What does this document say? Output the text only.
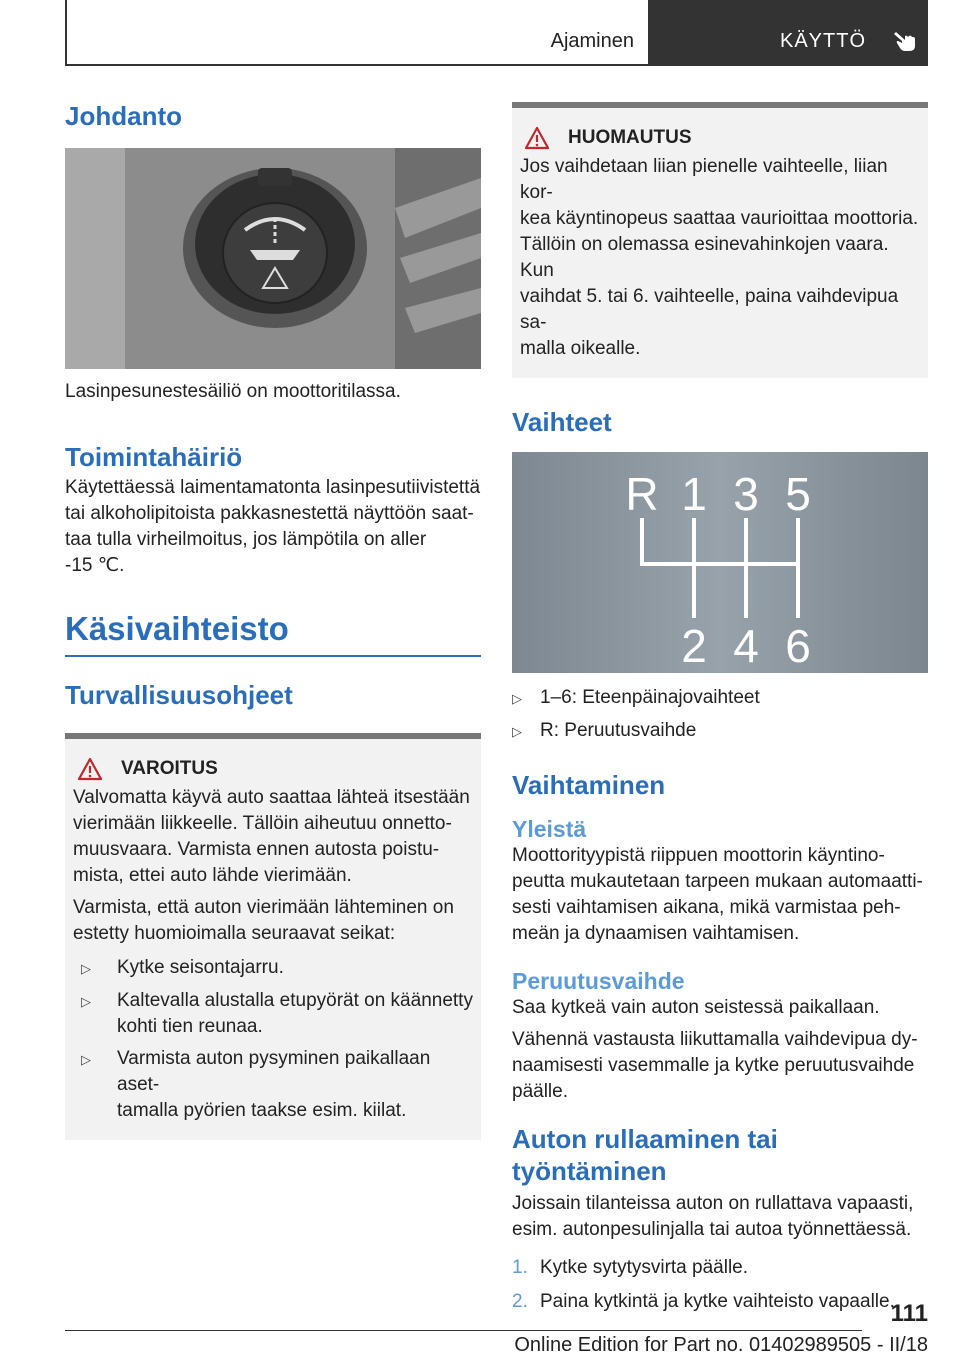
Ajaminen	KÄYTTÖ
Johdanto
Lasinpesunestesäiliö on moottoritilassa.
Toimintahäiriö
Käytettäessä laimentamatonta lasinpesutiivistettä
tai alkoholipitoista pakkasnestettä näyttöön saat-
taa tulla virheilmoitus, jos lämpötila on aller
‑15 ℃.
Käsivaihteisto
Turvallisuusohjeet
VAROITUS
Valvomatta käyvä auto saattaa lähteä itsestään
vierimään liikkeelle. Tällöin aiheutuu onnetto-
muusvaara. Varmista ennen autosta poistu-
mista, ettei auto lähde vierimään.
Varmista, että auton vierimään lähteminen on
estetty huomioimalla seuraavat seikat:
▷	Kytke seisontajarru.
▷	Kaltevalla alustalla etupyörät on käännetty
kohti tien reunaa.
▷	Varmista auton pysyminen paikallaan aset-
tamalla pyörien taakse esim. kiilat.
HUOMAUTUS
Jos vaihdetaan liian pienelle vaihteelle, liian kor-
kea käyntinopeus saattaa vaurioittaa moottoria.
Tällöin on olemassa esinevahinkojen vaara. Kun
vaihdat 5. tai 6. vaihteelle, paina vaihdevipua sa-
malla oikealle.
Vaihteet
R 1 3 5
2 4 6
▷ 1–6: Eteenpäinajovaihteet
▷ R: Peruutusvaihde
Vaihtaminen
Yleistä
Moottorityypistä riippuen moottorin käyntino-
peutta mukautetaan tarpeen mukaan automaatti-
sesti vaihtamisen aikana, mikä varmistaa peh-
meän ja dynaamisen vaihtamisen.
Peruutusvaihde
Saa kytkeä vain auton seistessä paikallaan.
Vähennä vastausta liikuttamalla vaihdevipua dy-
naamisesti vasemmalle ja kytke peruutusvaihde
päälle.
Auton rullaaminen tai
työntäminen
Joissain tilanteissa auton on rullattava vapaasti,
esim. autonpesulinjalla tai autoa työnnettäessä.
1. Kytke sytytysvirta päälle.
2. Paina kytkintä ja kytke vaihteisto vapaalle.
111
Online Edition for Part no. 01402989505 - II/18
